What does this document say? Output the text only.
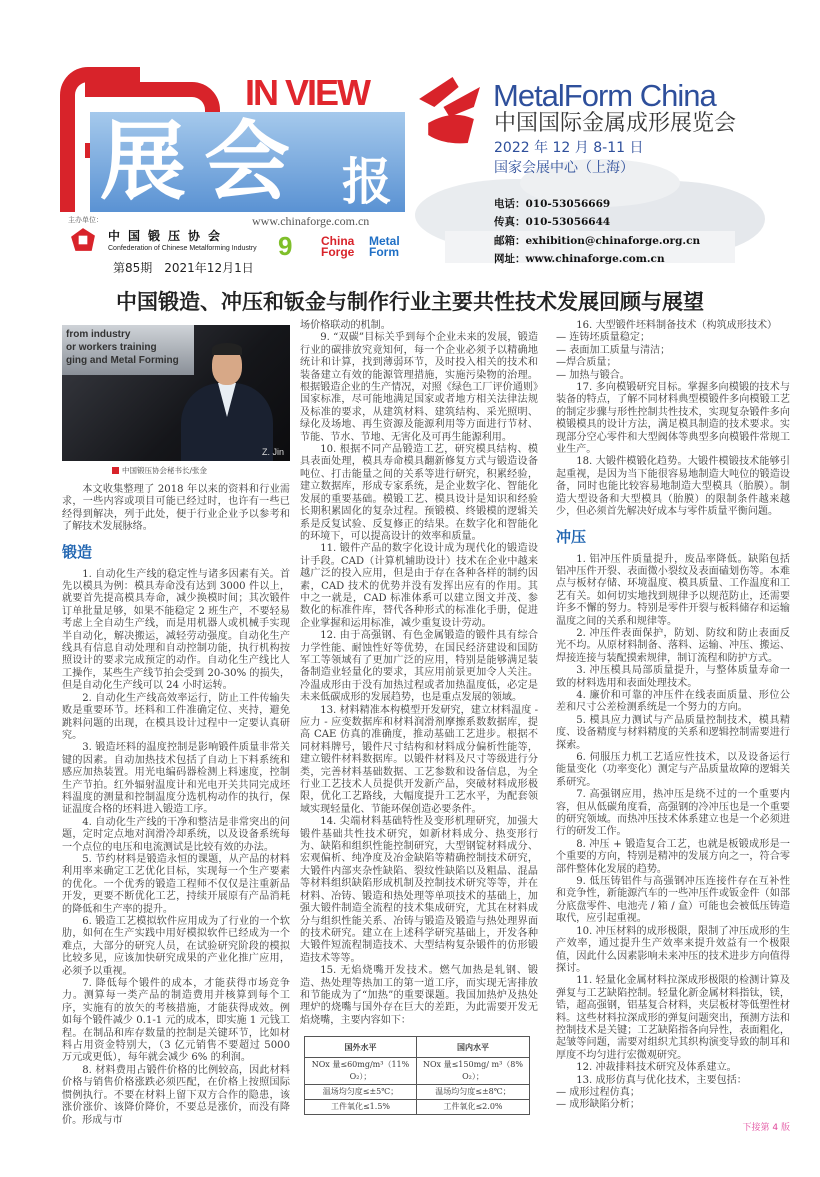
展会 报
IN VIEW	MetalForm China
中国国际金属成形展览会
2022 年 12 月 8-11 日
国家会展中心（上海）
电话：010-53056669
传真：010-53056644
邮箱：exhibition@chinaforge.org.cn
网址：www.chinaforge.com.cn
主办单位：	www.chinaforge.com.cn
中国锻压协会
Confederation of Chinese Metalforming Industry 9 China Forge
Metal Form
第85期　2021年12月1日
中国锻造、冲压和钣金与制作行业主要共性技术发展回顾与展望
from industry
or workers training
ging and Metal Forming
Z. Jin
中国锻压协会秘书长/张金

本文收集整理了 2018 年以来的资料和行业需求，一些内容或项目可能已经过时，也许有一些已经得到解决，列于此处，便于行业企业予以参考和了解技术发展脉络。

锻造

1. 自动化生产线的稳定性与诸多因素有关。首先以模具为例：模具寿命没有达到 3000 件以上，就要首先提高模具寿命，减少换模时间；其次锻件订单批量足够，如果不能稳定 2 班生产，不要轻易考虑上全自动生产线，而是用机器人或机械手实现半自动化，解决搬运，减轻劳动强度。自动化生产线具有信息自动处理和自动控制功能，执行机构按照设计的要求完成预定的动作。自动化生产线比人工操作，某些生产线节拍会受到 20-30% 的损失，但是自动化生产线可以 24 小时运转。

2. 自动化生产线高效率运行，防止工件传输失败是重要环节。坯料和工件准确定位、夹持，避免跳料问题的出现，在模具设计过程中一定要认真研究。

3. 锻造坯料的温度控制是影响锻件质量非常关键的因素。自动加热技术包括了自动上下料系统和感应加热装置。用光电编码器检测上料速度，控制生产节拍。红外辐射温度计和光电开关共同完成坯料温度的测量和控制温度分选机构动作的执行，保证温度合格的坯料进入锻造工序。

4. 自动化生产线的干净和整洁是非常突出的问题，定时定点地对润滑冷却系统，以及设备系统每一个点位的电压和电流测试是比较有效的办法。

5. 节约材料是锻造永恒的课题，从产品的材料利用率来确定工艺优化目标，实现每一个生产要素的优化。一个优秀的锻造工程师不仅仅是注重新品开发，更要不断优化工艺，持续开展原有产品消耗的降低和生产率的提升。

6. 锻造工艺模拟软件应用成为了行业的一个软肋，如何在生产实践中用好模拟软件已经成为一个难点，大部分的研究人员，在试验研究阶段的模拟比较多见，应该加快研究成果的产业化推广应用，必须予以重视。

7. 降低每个锻件的成本，才能获得市场竞争力。测算每一类产品的制造费用并核算到每个工序，实施有的放矢的考核措施，才能获得成效。例如每个锻件减少 0.1-1 元的成本，即实施 1 元钱工程。在制品和库存数量的控制是关键环节，比如材料占用资金特别大，（3 亿元销售不要超过 5000 万元或更低），每年就会减少 6% 的利润。

8. 材料费用占锻件价格的比例较高，因此材料价格与销售价格涨跌必须匹配，在价格上按照国际惯例执行。不要在材料上留下双方合作的隐患，该涨价涨价、该降价降价，不要总是涨价，而没有降价。形成与市

场价格联动的机制。

9. “双碳”目标关乎到每个企业未来的发展，锻造行业的碳排放究竟知何，每一个企业必须予以精确地统计和计算，找到薄弱环节，及时投入相关的技术和装备建立有效的能源管理措施，实施污染物的治理。根据锻造企业的生产情况，对照《绿色工厂评价通则》国家标准，尽可能地满足国家或者地方相关法律法规及标准的要求，从建筑材料、建筑结构、采光照明、绿化及场地、再生资源及能源利用等方面进行节材、节能、节水、节地、无害化及可再生能源利用。

10. 根据不同产品锻造工艺，研究模具结构、模具表面处理，模具寿命模具翻新修复方式与锻造设备吨位、打击能量之间的关系等进行研究，积累经验，建立数据库，形成专家系统，是企业数字化、智能化发展的重要基础。模锻工艺、模具设计是知识和经验长期积累固化的复杂过程。预锻模、终锻模的逻辑关系是反复试验、反复修正的结果。在数字化和智能化的环境下，可以提高设计的效率和质量。

11. 锻件产品的数字化设计成为现代化的锻造设计手段。CAD（计算机辅助设计）技术在企业中越来越广泛的投入应用，但是由于存在各种各样的制约因素，CAD 技术的优势并没有发挥出应有的作用。其中之一就是，CAD 标准体系可以建立图文并茂、参数化的标准件库，替代各种形式的标准化手册，促进企业掌握和运用标准，减少重复设计劳动。

12. 由于高强钢、有色金属锻造的锻件具有综合力学性能、耐蚀性好等优势，在国民经济建设和国防军工等领域有了更加广泛的应用，特别是能够满足装备制造业轻量化的要求，其应用前景更加令人关注。冷温成形由于没有加热过程或者加热温度低，必定是未来低碳成形的发展趋势，也是重点发展的领域。

13. 材料精准本构模型开发研究，建立材料温度 - 应力 - 应变数据库和材料润滑剂摩擦系数数据库，提高 CAE 仿真的准确度，推动基础工艺进步。根据不同材料牌号，锻件尺寸结构和材料成分偏析性能等，建立锻件材料数据库。以锻件材料及尺寸等级进行分类，完善材料基础数据、工艺参数和设备信息，为全行业工艺技术人员提供开发新产品，突破材料成形极限，优化工艺路线，大幅度提升工艺水平，为配套领域实现轻量化、节能环保创造必要条件。

14. 尖端材料基础特性及变形机理研究，加强大锻件基础共性技术研究，如新材料成分、热变形行为、缺陷和组织性能控制研究，大型钢锭材料成分、宏观偏析、纯净度及冶金缺陷等精确控制技术研究，大锻件内部夹杂性缺陷、裂纹性缺陷以及粗晶、混晶等材料组织缺陷形成机制及控制技术研究等等，并在材料、冶铸、锻造和热处理等单项技术的基础上，加强大锻件制造全流程的技术集成研究，尤其在材料成分与组织性能关系、冶铸与锻造及锻造与热处理界面的技术研究。建立在上述科学研究基础上，开发各种大锻件短流程制造技术、大型结构复杂锻件的仿形锻造技术等等。

15. 无焰烧嘴开发技术。燃气加热是轧钢、锻造、热处理等热加工的第一道工序，而实现无害排放和节能成为了“加热”的重要课题。我国加热炉及热处理炉的烧嘴与国外存在巨大的差距，为此需要开发无焰烧嘴，主要内容如下：

国外水平	国内水平
NOx 量≤60mg/m³（11% O₂）；	NOx 量≤150mg/ m³（8% O₂）；
温场均匀度≤±5℃；	温场均匀度≤±8℃；
工件氧化≤1.5%	工件氧化≤2.0%

16. 大型锻件坯料制备技术（构筑成形技术）

— 连铸坯质量稳定；

— 表面加工质量与清洁；

—焊合质量；

— 加热与锻合。

17. 多向模锻研究目标。掌握多向模锻的技术与装备的特点，了解不同材料典型模锻件多向模锻工艺的制定步骤与形性控制共性技术，实现复杂锻件多向模锻模具的设计方法，满足模具制造的技术要求。实现部分空心零件和大型阀体等典型多向模锻件常规工业生产。

18. 大锻件模锻化趋势。大锻件模锻技术能够引起重视，是因为当下能很容易地制造大吨位的锻造设备，同时也能比较容易地制造大型模具（胎膜）。制造大型设备和大型模具（胎膜）的限制条件越来越少，但必须首先解决好成本与零件质量平衡问题。

冲压

1. 铝冲压件质量提升，废品率降低。缺陷包括铝冲压件开裂、表面微小裂纹及表面磕划伤等。本难点与板材存储、环境温度、模具质量、工作温度和工艺有关。如何切实地找到规律予以规范防止，还需要许多不懈的努力。特别是零件开裂与板料储存和运输温度之间的关系和规律等。

2. 冲压件表面保护，防划、防纹和防止表面反光不均。从原材料制备、落料、运输、冲压、搬运、焊接连接与装配摸索规律，制订流程和防护方式。

3. 冲压模具局部质量提升，与整体质量寿命一致的材料选用和表面处理技术。

4. 廉价和可靠的冲压件在线表面质量、形位公差和尺寸公差检测系统是一个努力的方向。

5. 模具应力测试与产品质量控制技术，模具精度、设备精度与材料精度的关系和逻辑控制需要进行探索。

6. 伺服压力机工艺适应性技术，以及设备运行能量变化（功率变化）测定与产品质量故障的逻辑关系研究。

7. 高强钢应用，热冲压是绕不过的一个重要内容，但从低碳角度看，高强钢的冷冲压也是一个重要的研究领域。而热冲压技术体系建立也是一个必须进行的研发工作。

8. 冲压 + 锻造复合工艺，也就是板锻成形是一个重要的方向，特别是精冲的发展方向之一，符合零部件整体化发展的趋势。

9. 低压铸铝件与高强钢冲压连接件存在互补性和竞争性，新能源汽车的一些冲压件或钣金件（如部分底盘零件、电池壳 / 箱 / 盒）可能也会被低压铸造取代，应引起重视。

10. 冲压材料的成形极限，限制了冲压成形的生产效率，通过提升生产效率来提升效益有一个极限值，因此什么因素影响未来冲压的技术进步方向值得探讨。

11. 轻量化金属材料拉深成形极限的检测计算及弹复与工艺缺陷控制。轻量化新金属材料指钛，镁，锆，超高强钢，铝基复合材料，夹层板材等低塑性材料。这些材料拉深成形的弹复问题突出，预测方法和控制技术是关键；工艺缺陷指各向异性，表面粗化，起皱等问题，需要对组织尤其织构演变导致的制耳和厚度不均匀进行宏微观研究。

12. 冲裁排料技术研究及体系建立。

13. 成形仿真与优化技术，主要包括：

— 成形过程仿真；

— 成形缺陷分析；

下接第 4 版
